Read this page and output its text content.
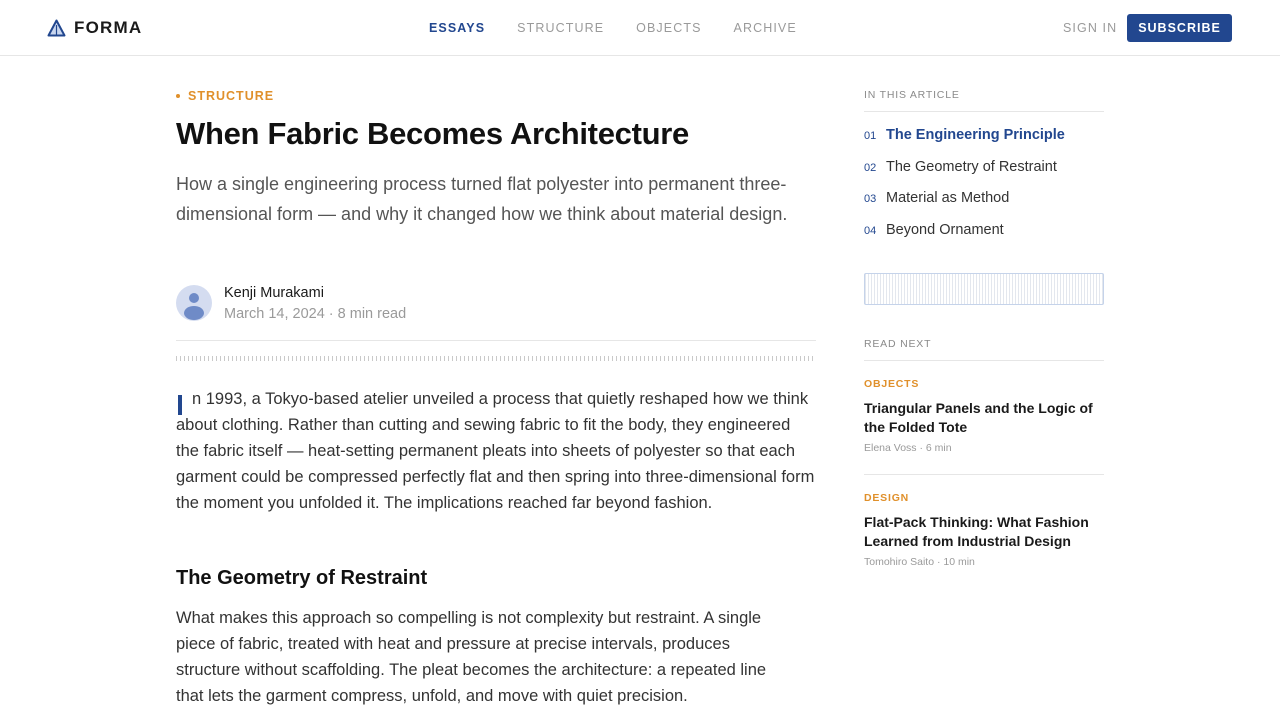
FORMA	ESSAYS	STRUCTURE	OBJECTS	ARCHIVE	SIGN IN	SUBSCRIBE
STRUCTURE
When Fabric Becomes Architecture

How a single engineering process turned flat polyester into permanent three-dimensional form — and why it changed how we think about material design.

Kenji Murakami
March 14, 2024 · 8 min read

n 1993, a Tokyo-based atelier unveiled a process that quietly reshaped how we think about clothing. Rather than cutting and sewing fabric to fit the body, they engineered the fabric itself — heat-setting permanent pleats into sheets of polyester so that each garment could be compressed perfectly flat and then spring into three-dimensional form the moment you unfolded it. The implications reached far beyond fashion.

The Geometry of Restraint

What makes this approach so compelling is not complexity but restraint. A single piece of fabric, treated with heat and pressure at precise intervals, produces structure without scaffolding. The pleat becomes the architecture: a repeated line that lets the garment compress, unfold, and move with quiet precision.

IN THIS ARTICLE
01 The Engineering Principle
02 The Geometry of Restraint
03 Material as Method
04 Beyond Ornament
READ NEXT
OBJECTS
Triangular Panels and the Logic of the Folded Tote
Elena Voss · 6 min
DESIGN
Flat-Pack Thinking: What Fashion Learned from Industrial Design
Tomohiro Saito · 10 min
